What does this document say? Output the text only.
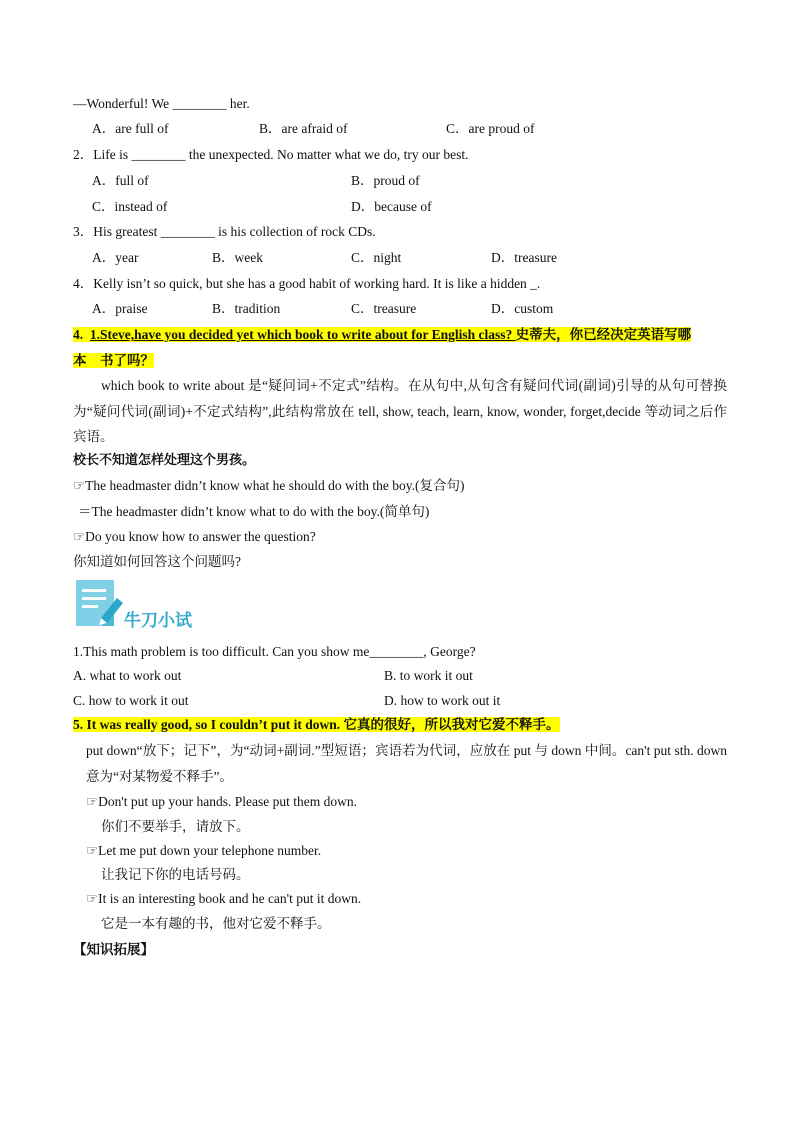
—Wonderful! We ________ her.
A．are full of	B．are afraid of	C．are proud of
2．Life is ________ the unexpected. No matter what we do, try our best.
A．full of	B．proud of
C．instead of	D．because of
3．His greatest ________ is his collection of rock CDs.
A．year	B．week	C．night	D．treasure
4．Kelly isn’t so quick, but she has a good habit of working hard. It is like a hidden _.
A．praise	B．tradition	C．treasure	D．custom
4. 1.Steve,have you decided yet which book to write about for English class? 史蒂夫，你已经决定英语写哪
本　书了吗？
which book to write about 是“疑问词+不定式”结构。在从句中,从句含有疑问代词(副词)引导的从句可替换为“疑问代词(副词)+不定式结构”,此结构常放在 tell, show, teach, learn, know, wonder, forget,decide 等动词之后作宾语。
校长不知道怎样处理这个男孩。
☞The headmaster didn’t know what he should do with the boy.(复合句)
＝The headmaster didn’t know what to do with the boy.(简单句)
☞Do you know how to answer the question?
你知道如何回答这个问题吗?
牛刀小试
1.This math problem is too difficult. Can you show me________, George?
A. what to work out	B. to work it out
C. how to work it out	D. how to work out it
5. It was really good, so I couldn’t put it down. 它真的很好，所以我对它爱不释手。
put down“放下；记下”，为“动词+副词.”型短语；宾语若为代词，应放在 put 与 down 中间。can't put sth. down 意为“对某物爱不释手”。
☞Don't put up your hands. Please put them down.
你们不要举手，请放下。
☞Let me put down your telephone number.
让我记下你的电话号码。
☞It is an interesting book and he can't put it down.
它是一本有趣的书，他对它爱不释手。
【知识拓展】
